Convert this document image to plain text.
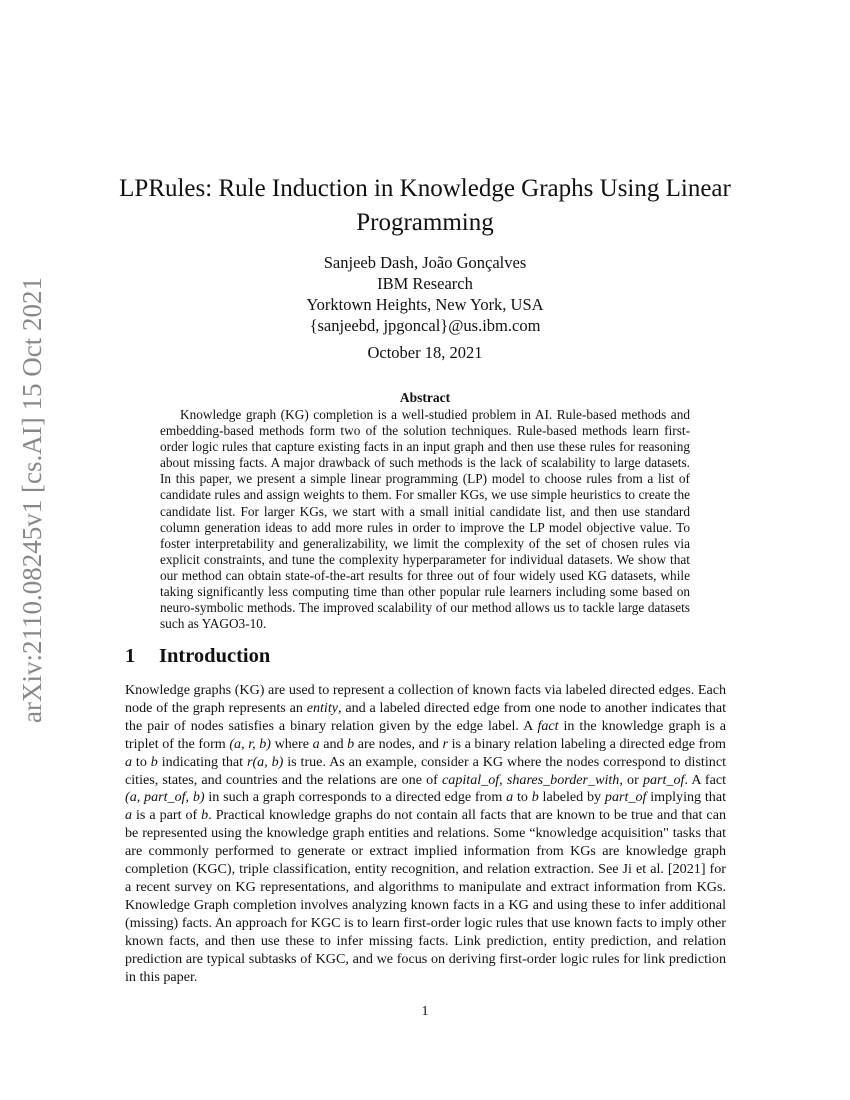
arXiv:2110.08245v1 [cs.AI] 15 Oct 2021
LPRules: Rule Induction in Knowledge Graphs Using Linear
Programming
Sanjeeb Dash, João Gonçalves
IBM Research
Yorktown Heights, New York, USA
{sanjeebd, jpgoncal}@us.ibm.com
October 18, 2021
Abstract
Knowledge graph (KG) completion is a well-studied problem in AI. Rule-based methods and embedding-based methods form two of the solution techniques. Rule-based methods learn first-order logic rules that capture existing facts in an input graph and then use these rules for reasoning about missing facts. A major drawback of such methods is the lack of scalability to large datasets. In this paper, we present a simple linear programming (LP) model to choose rules from a list of candidate rules and assign weights to them. For smaller KGs, we use simple heuristics to create the candidate list. For larger KGs, we start with a small initial candidate list, and then use standard column generation ideas to add more rules in order to improve the LP model objective value. To foster interpretability and generalizability, we limit the complexity of the set of chosen rules via explicit constraints, and tune the complexity hyperparameter for individual datasets. We show that our method can obtain state-of-the-art results for three out of four widely used KG datasets, while taking significantly less computing time than other popular rule learners including some based on neuro-symbolic methods. The improved scalability of our method allows us to tackle large datasets such as YAGO3-10.
1 Introduction
Knowledge graphs (KG) are used to represent a collection of known facts via labeled directed edges. Each node of the graph represents an entity, and a labeled directed edge from one node to another indicates that the pair of nodes satisfies a binary relation given by the edge label. A fact in the knowledge graph is a triplet of the form (a, r, b) where a and b are nodes, and r is a binary relation labeling a directed edge from a to b indicating that r(a, b) is true. As an example, consider a KG where the nodes correspond to distinct cities, states, and countries and the relations are one of capital_of, shares_border_with, or part_of. A fact (a, part_of, b) in such a graph corresponds to a directed edge from a to b labeled by part_of implying that a is a part of b. Practical knowledge graphs do not contain all facts that are known to be true and that can be represented using the knowledge graph entities and relations. Some “knowledge acquisition" tasks that are commonly performed to generate or extract implied information from KGs are knowledge graph completion (KGC), triple classification, entity recognition, and relation extraction. See Ji et al. [2021] for a recent survey on KG representations, and algorithms to manipulate and extract information from KGs. Knowledge Graph completion involves analyzing known facts in a KG and using these to infer additional (missing) facts. An approach for KGC is to learn first-order logic rules that use known facts to imply other known facts, and then use these to infer missing facts. Link prediction, entity prediction, and relation prediction are typical subtasks of KGC, and we focus on deriving first-order logic rules for link prediction in this paper.
1
